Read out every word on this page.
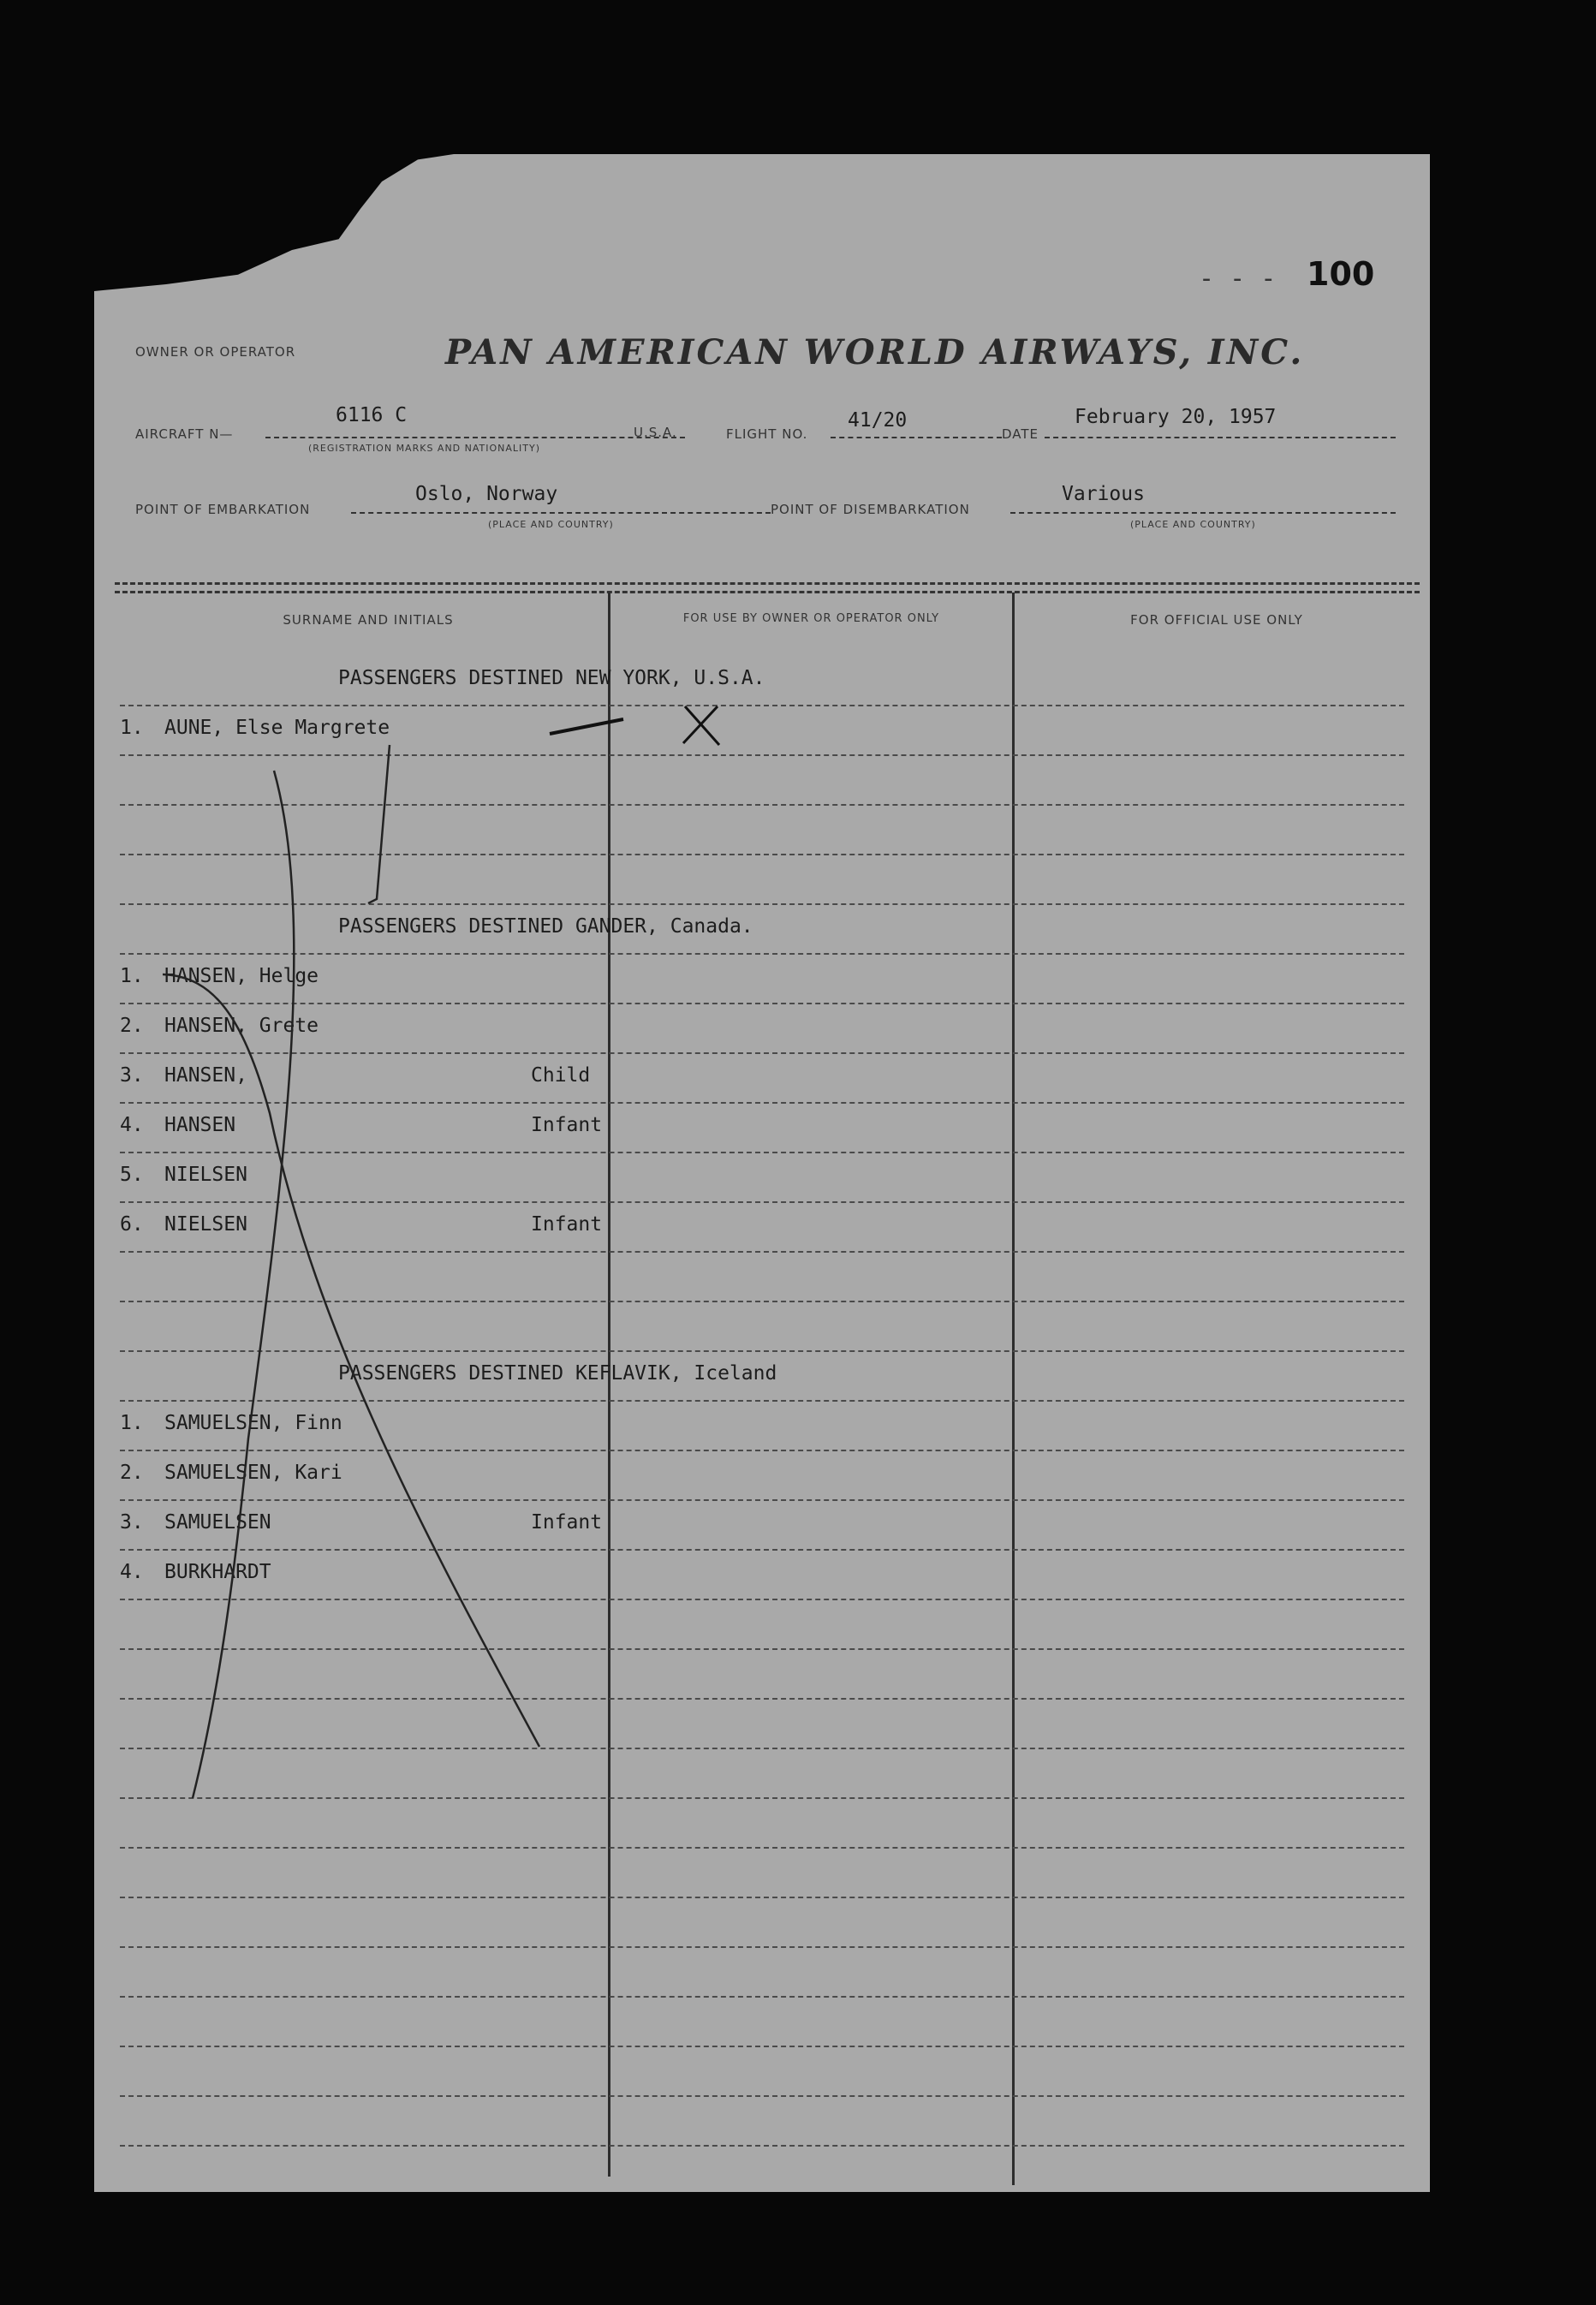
- - - 100
OWNER OR OPERATOR	PAN AMERICAN WORLD AIRWAYS, INC.
AIRCRAFT N—
6116 C
(REGISTRATION MARKS AND NATIONALITY)
U.S.A.	FLIGHT NO.
41/20
DATE
February 20, 1957
POINT OF EMBARKATION
Oslo, Norway
(PLACE AND COUNTRY)
POINT OF DISEMBARKATION
Various
(PLACE AND COUNTRY)
SURNAME AND INITIALS	FOR USE BY OWNER OR OPERATOR ONLY	FOR OFFICIAL USE ONLY
PASSENGERS DESTINED NEW YORK, U.S.A.
1. AUNE, Else Margrete
PASSENGERS DESTINED GANDER, Canada.
1. HANSEN, Helge
2. HANSEN, Grete
3. HANSEN,	Child
4. HANSEN	Infant
5. NIELSEN
6. NIELSEN	Infant
PASSENGERS DESTINED KEFLAVIK, Iceland
1. SAMUELSEN, Finn
2. SAMUELSEN, Kari
3. SAMUELSEN	Infant
4. BURKHARDT
